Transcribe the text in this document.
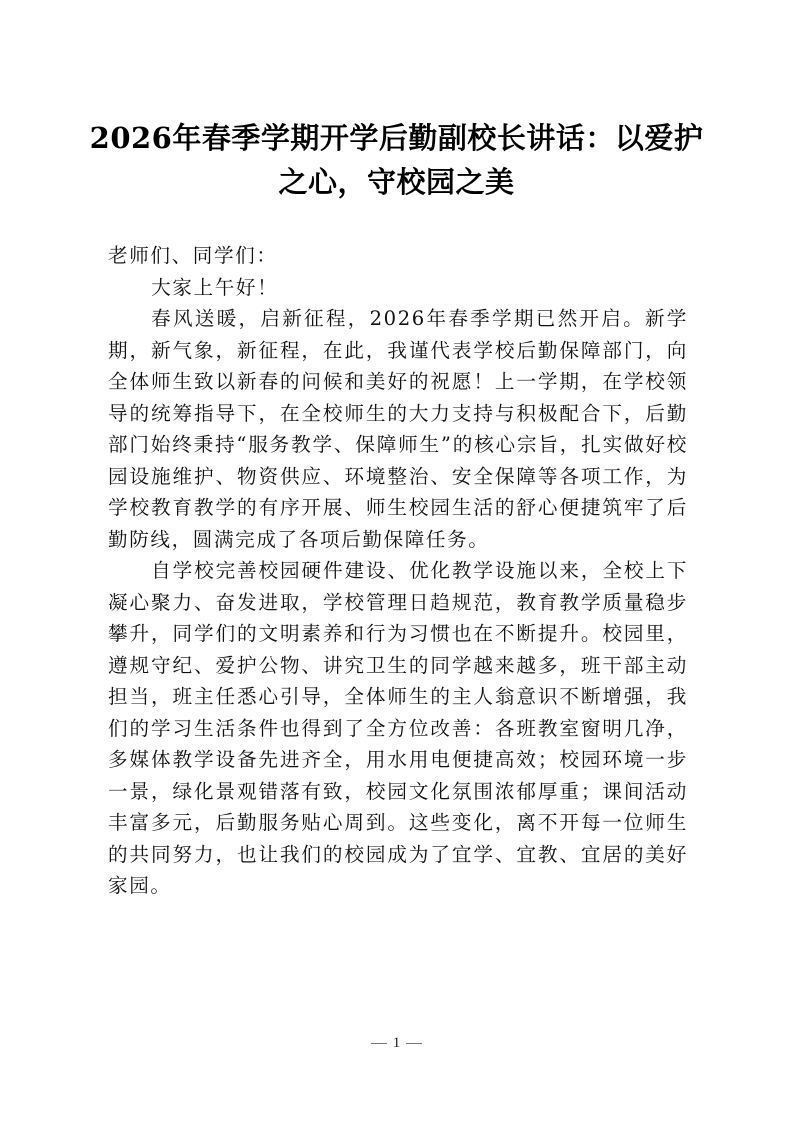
2026年春季学期开学后勤副校长讲话：以爱护之心，守校园之美

老师们、同学们：

大家上午好！

春风送暖，启新征程，2026年春季学期已然开启。新学期，新气象，新征程，在此，我谨代表学校后勤保障部门，向全体师生致以新春的问候和美好的祝愿！上一学期，在学校领导的统筹指导下，在全校师生的大力支持与积极配合下，后勤部门始终秉持“服务教学、保障师生”的核心宗旨，扎实做好校园设施维护、物资供应、环境整治、安全保障等各项工作，为学校教育教学的有序开展、师生校园生活的舒心便捷筑牢了后勤防线，圆满完成了各项后勤保障任务。

自学校完善校园硬件建设、优化教学设施以来，全校上下凝心聚力、奋发进取，学校管理日趋规范，教育教学质量稳步攀升，同学们的文明素养和行为习惯也在不断提升。校园里，遵规守纪、爱护公物、讲究卫生的同学越来越多，班干部主动担当，班主任悉心引导，全体师生的主人翁意识不断增强，我们的学习生活条件也得到了全方位改善：各班教室窗明几净，多媒体教学设备先进齐全，用水用电便捷高效；校园环境一步一景，绿化景观错落有致，校园文化氛围浓郁厚重；课间活动丰富多元，后勤服务贴心周到。这些变化，离不开每一位师生的共同努力，也让我们的校园成为了宜学、宜教、宜居的美好家园。

1
